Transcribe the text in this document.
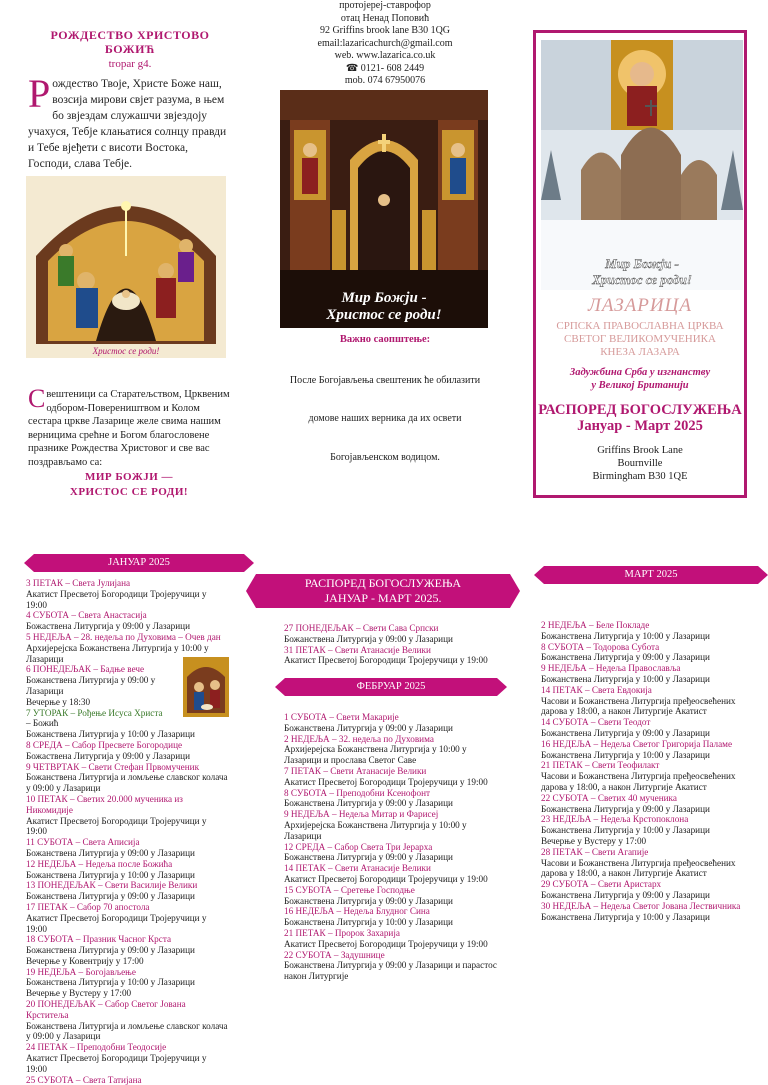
РОЖДЕСТВО ХРИСТОВО БОЖИЋ
tropar g4.
Рождество Твоје, Христе Боже наш, возсија мирови свјет разума, в њем бо звјездам служашчи звјездоју учахуся, Тебје клањатися солнцу правди и Тебе вјеђети с висоти Востока, Господи, слава Тебје.
Христос се роди!
Свештеници са Старатељством, Црквеним одбором-Повереништвом и Колом сестара цркве Лазарице желе свима нашим верницима срећне и Богом благословене празнике Рождества Христовог и све вас поздрављамо са:
МИР БОЖЈИ —
ХРИСТОС СЕ РОДИ!
протојереј-ставрофор
отац Ненад Поповић
92 Griffins brook lane B30 1QG
email:lazaricachurch@gmail.com
web. www.lazarica.co.uk
☎ 0121- 608 2449
mob. 074 67950076
Мир Божји -
Христос се роди!
Важно саопштење:
После Богојављења свештеник ће обилазити
домове наших верника да их освети
Богојављенском водицом.
Мир Божји -
Христос се роди!
ЛАЗАРИЦА
СРПСКА ПРАВОСЛАВНА ЦРКВА
СВЕТОГ ВЕЛИКОМУЧЕНИКА
КНЕЗА ЛАЗАРА
Задужбина Срба у изгнанству
у Великој Британији
РАСПОРЕД БОГОСЛУЖЕЊА
Јануар - Март 2025
Griffins Brook Lane
Bournville
Birmingham B30 1QE
ЈАНУАР 2025
РАСПОРЕД БОГОСЛУЖЕЊА
ЈАНУАР - МАРТ 2025.
ФЕБРУАР 2025
МАРТ 2025
3 ПЕТАК – Света Јулијана
Акатист Пресветој Богородици Тројеручици у 19:00
4 СУБОТА – Света Анастасија
Божаствена Литургија у 09:00 у Лазарици
5 НЕДЕЉА – 28. недеља по Духовима – Очев дан
Архијерејска Божанствена Литургија у 10:00 у
Лазарици
6 ПОНЕДЕЉАК – Бадње вече
Божанствена Литургија у 09:00 у
Лазарици
Вечерње у 18:30
7 УТОРАК – Рођење Исуса Христа
– Божић
Божанствена Литургија у 10:00 у Лазарици
8 СРЕДА – Сабор Пресвете Богородице
Божаствена Литургија у 09:00 у Лазарици
9 ЧЕТВРТАК – Свети Стефан Првомученик
Божанствена Литургија и ломљење славског колача
у 09:00 у Лазарици
10 ПЕТАК – Светих 20.000 мученика из Никомидије
Акатист Пресветој Богородици Тројеручици у 19:00
11 СУБОТА – Света Аписија
Божанствена Литургија у 09:00 у Лазарици
12 НЕДЕЉА – Недеља после Божића
Божанствена Литургија у 10:00 у Лазарици
13 ПОНЕДЕЉАК – Свети Василије Велики
Божанствена Литургија у 09:00 у Лазарици
17 ПЕТАК – Сабор 70 апостола
Акатист Пресветој Богородици Тројеручици у 19:00
18 СУБОТА – Празник Часног Крста
Божанствена Литургија у 09:00 у Лазарици
Вечерње у Ковентрију у 17:00
19 НЕДЕЉА – Богојављење
Божанствена Литургија у 10:00 у Лазарици
Вечерње у Вустеру у 17:00
20 ПОНЕДЕЉАК – Сабор Светог Јована Крститеља
Божанствена Литургија и ломљење славског колача
у 09:00 у Лазарици
24 ПЕТАК – Преподобни Теодосије
Акатист Пресветој Богородици Тројеручици у 19:00
25 СУБОТА – Света Татијана
27 ПОНЕДЕЉАК – Свети Сава Српски
Божанствена Литургија у 09:00 у Лазарици
31 ПЕТАК – Свети Атанасије Велики
Акатист Пресветој Богородици Тројеручици у 19:00
1 СУБОТА – Свети Макарије
Божанствена Литургија у 09:00 у Лазарици
2 НЕДЕЉА – 32. недеља по Духовима
Архијерејска Божанствена Литургија у 10:00 у
Лазарици и прослава Светог Саве
7 ПЕТАК – Свети Атанасије Велики
Акатист Пресветој Богородици Тројеручици у 19:00
8 СУБОТА – Преподобни Ксенофонт
Божанствена Литургија у 09:00 у Лазарици
9 НЕДЕЉА – Недеља Митар и Фарисеј
Архијерејска Божанствена Литургија у 10:00 у
Лазарици
12 СРЕДА – Сабор Света Три Јерарха
Божанствена Литургија у 09:00 у Лазарици
14 ПЕТАК – Свети Атанасије Велики
Акатист Пресветој Богородици Тројеручици у 19:00
15 СУБОТА – Сретење Господње
Божанствена Литургија у 09:00 у Лазарици
16 НЕДЕЉА – Недеља Блудног Сина
Божанствена Литургија у 10:00 у Лазарици
21 ПЕТАК – Пророк Захарија
Акатист Пресветој Богородици Тројеручици у 19:00
22 СУБОТА – Задушнице
Божанствена Литургија у 09:00 у Лазарици и парастос
након Литургије
2 НЕДЕЉА – Беле Покладе
Божанствена Литургија у 10:00 у Лазарици
8 СУБОТА – Тодорова Субота
Божанствена Литургија у 09:00 у Лазарици
9 НЕДЕЉА – Недеља Православља
Божанствена Литургија у 10:00 у Лазарици
14 ПЕТАК – Света Евдокија
Часови и Божанствена Литургија пређеосвећених
дарова у 18:00, а након Литургије Акатист
14 СУБОТА – Свети Теодот
Божанствена Литургија у 09:00 у Лазарици
16 НЕДЕЉА – Недеља Светог Григорија Паламе
Божанствена Литургија у 10:00 у Лазарици
21 ПЕТАК – Свети Теофилакт
Часови и Божанствена Литургија пређеосвећених
дарова у 18:00, а након Литургије Акатист
22 СУБОТА – Светих 40 мученика
Божанствена Литургија у 09:00 у Лазарици
23 НЕДЕЉА – Недеља Крстопоклона
Божанствена Литургија у 10:00 у Лазарици
Вечерње у Вустеру у 17:00
28 ПЕТАК – Свети Агапије
Часови и Божанствена Литургија пређеосвећених
дарова у 18:00, а након Литургије Акатист
29 СУБОТА – Свети Аристарх
Божанствена Литургија у 09:00 у Лазарици
30 НЕДЕЉА – Недеља Светог Јована Лествичника
Божанствена Литургија у 10:00 у Лазарици
